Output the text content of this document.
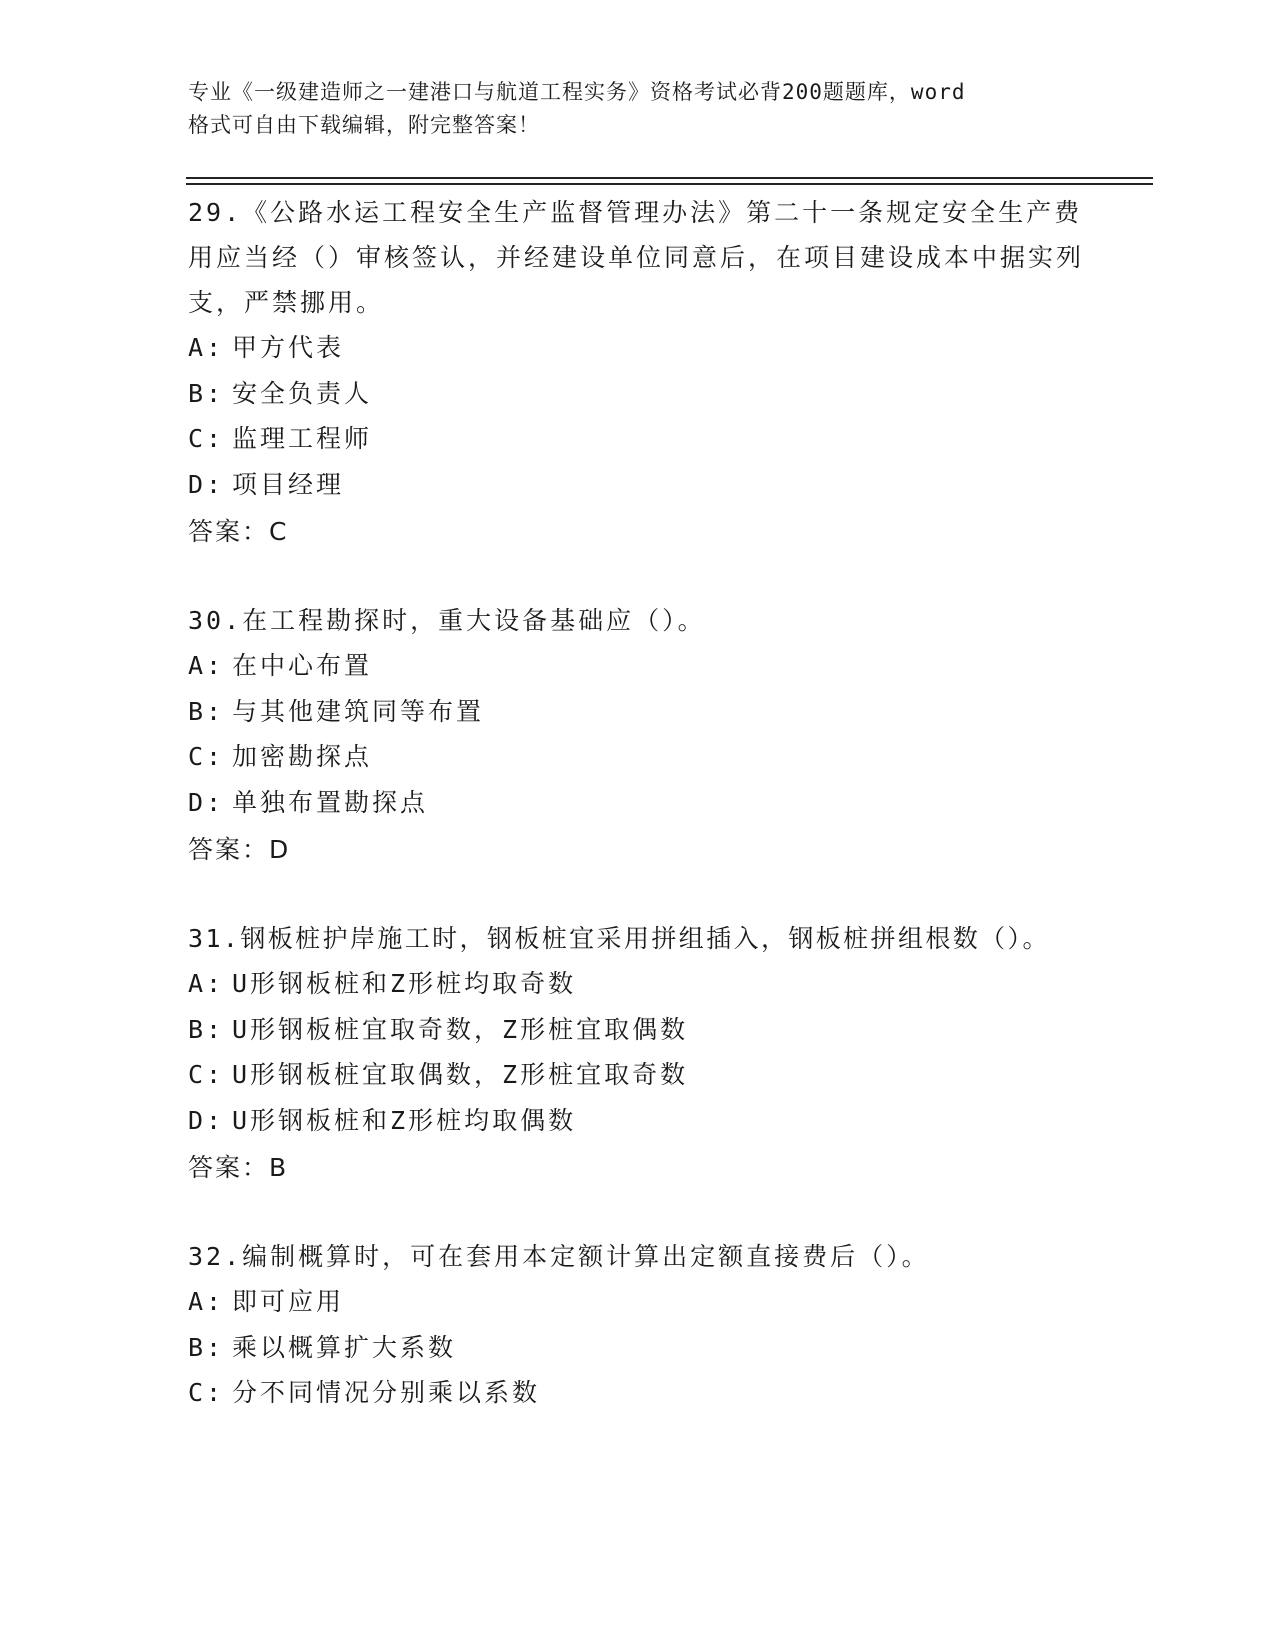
专业《一级建造师之一建港口与航道工程实务》资格考试必背200题题库，word
格式可自由下载编辑，附完整答案！

29.《公路水运工程安全生产监督管理办法》第二十一条规定安全生产费用应当经（）审核签认，并经建设单位同意后，在项目建设成本中据实列支，严禁挪用。

A: 甲方代表
B: 安全负责人
C: 监理工程师
D: 项目经理

答案：C

30.在工程勘探时，重大设备基础应（）。

A: 在中心布置
B: 与其他建筑同等布置
C: 加密勘探点
D: 单独布置勘探点

答案：D

31.钢板桩护岸施工时，钢板桩宜采用拼组插入，钢板桩拼组根数（）。

A: U形钢板桩和Z形桩均取奇数
B: U形钢板桩宜取奇数，Z形桩宜取偶数
C: U形钢板桩宜取偶数，Z形桩宜取奇数
D: U形钢板桩和Z形桩均取偶数

答案：B

32.编制概算时，可在套用本定额计算出定额直接费后（）。

A: 即可应用
B: 乘以概算扩大系数
C: 分不同情况分别乘以系数
